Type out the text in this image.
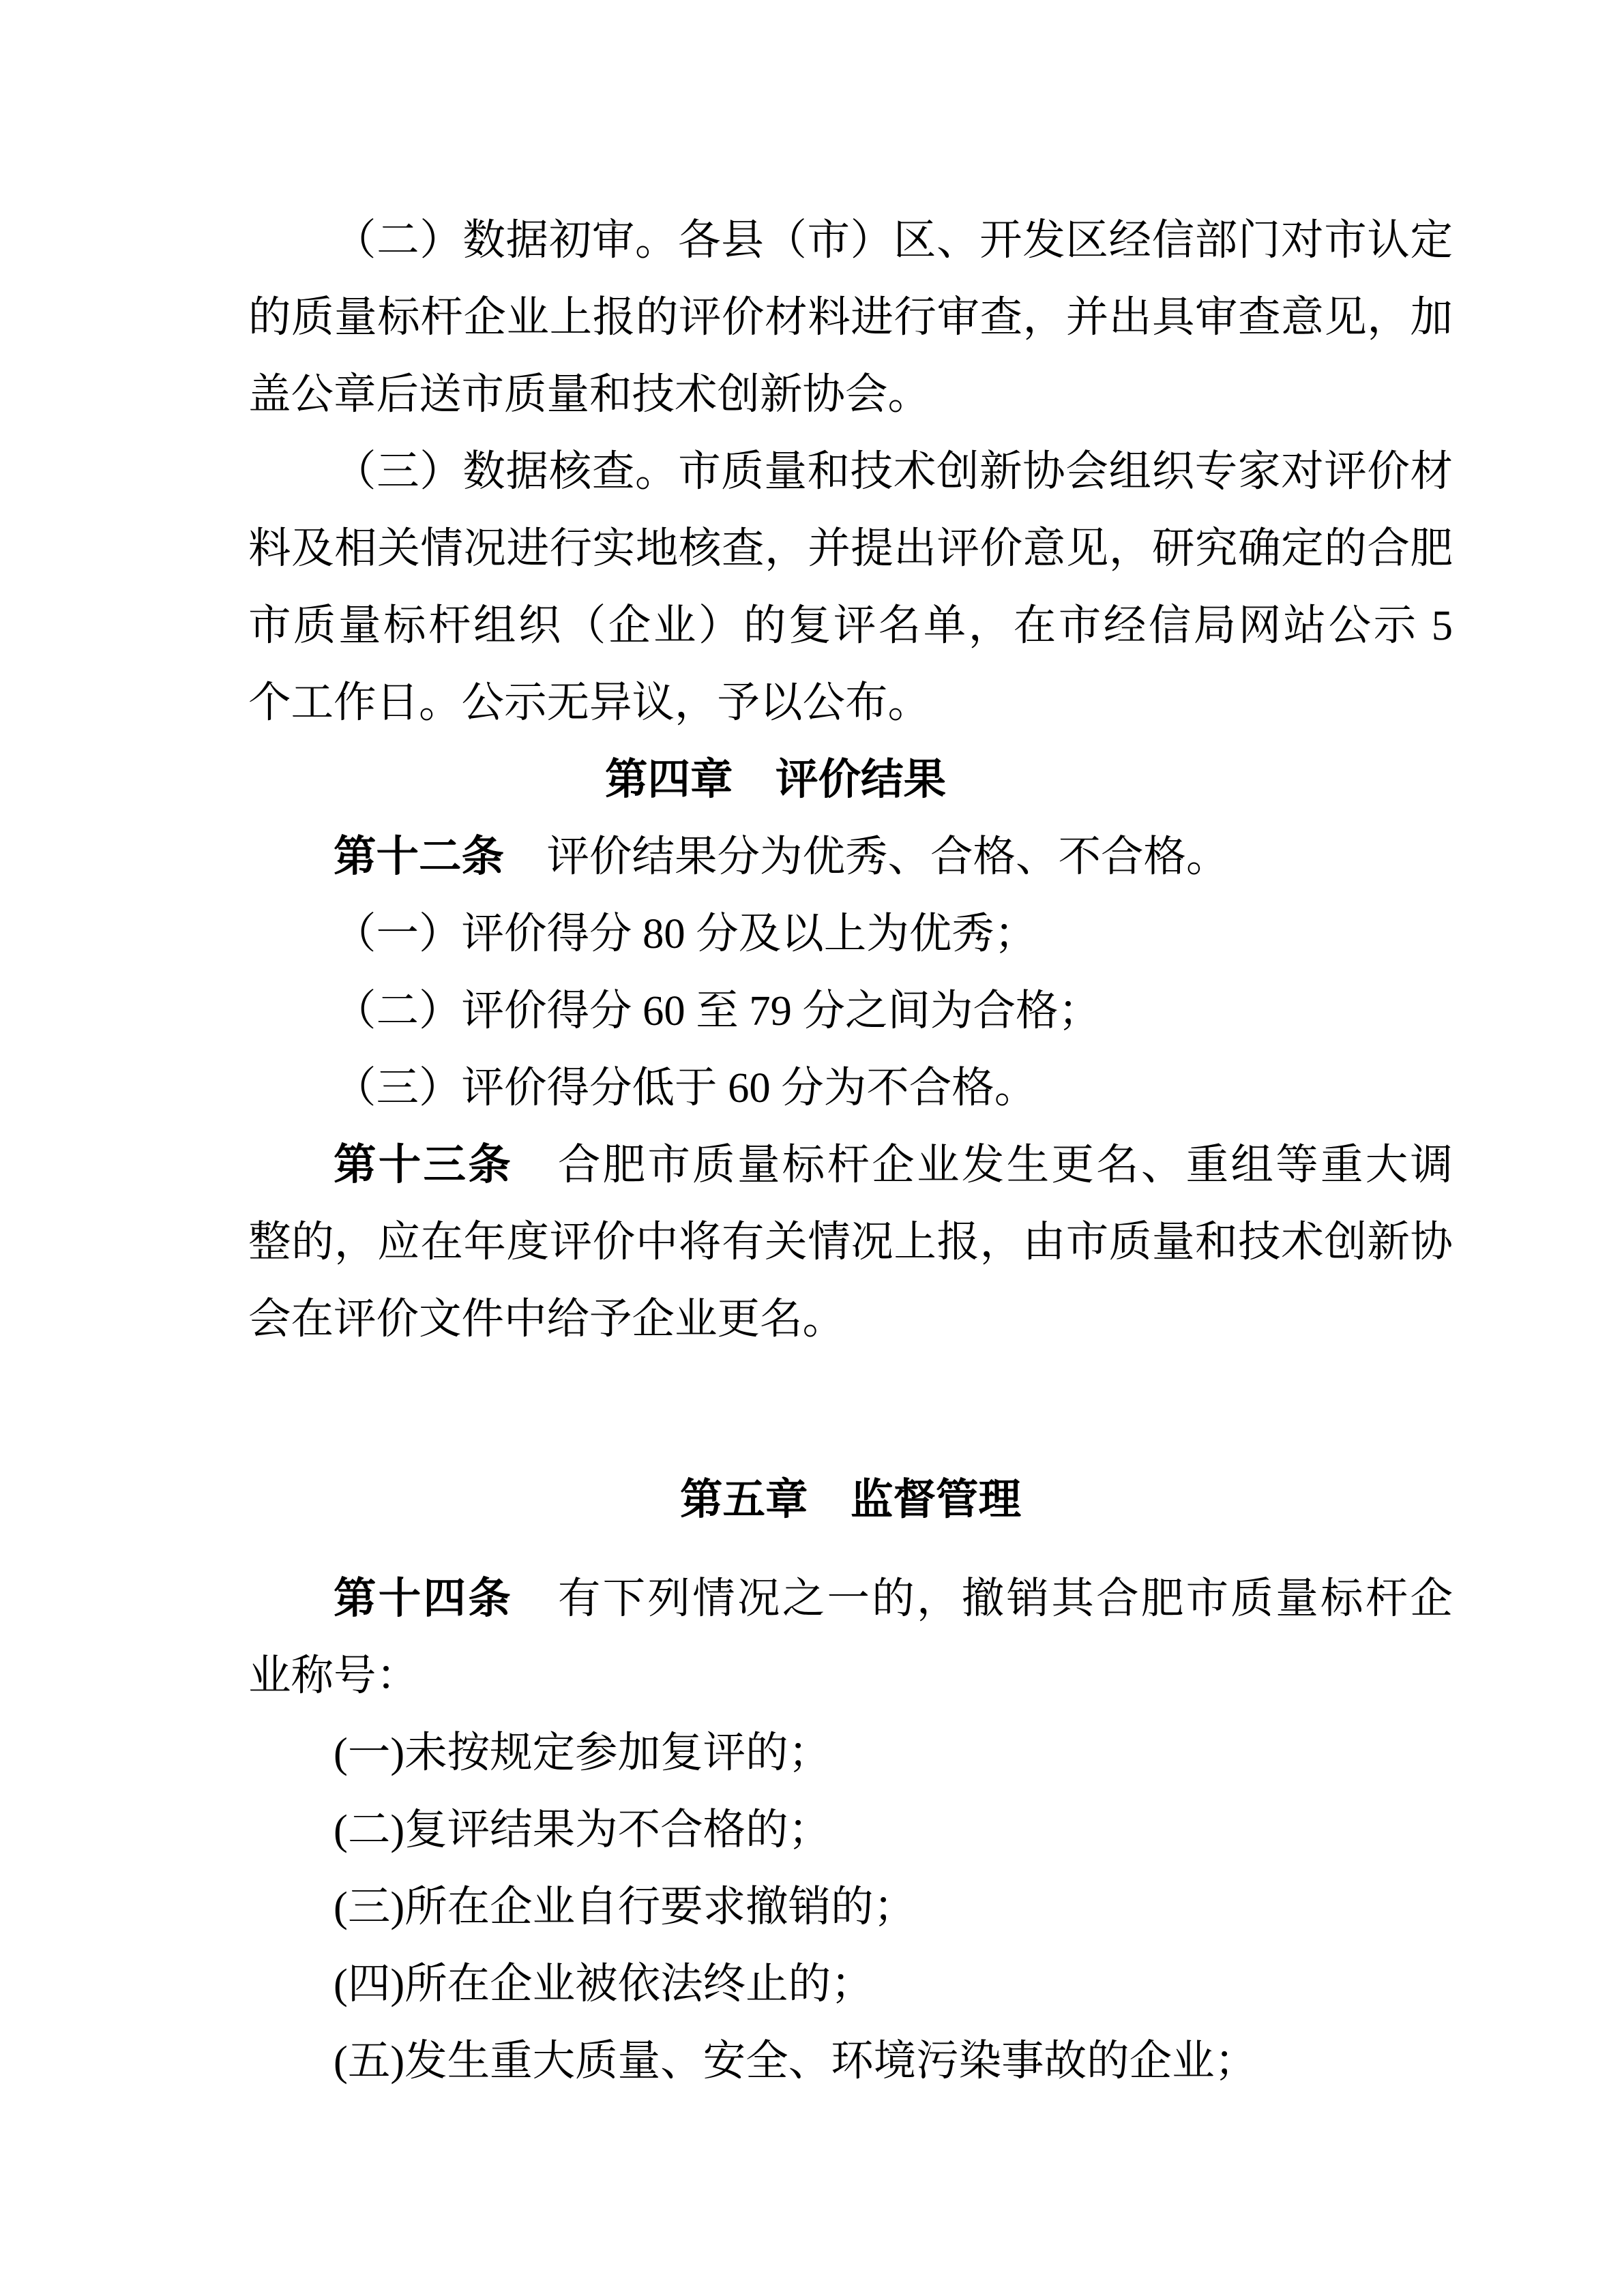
（二）数据初审。各县（市）区、开发区经信部门对市认定
的质量标杆企业上报的评价材料进行审查，并出具审查意见，加
盖公章后送市质量和技术创新协会。
（三）数据核查。市质量和技术创新协会组织专家对评价材
料及相关情况进行实地核查，并提出评价意见，研究确定的合肥
市质量标杆组织（企业）的复评名单，在市经信局网站公示 5
个工作日。公示无异议，予以公布。
第四章　评价结果
第十二条　评价结果分为优秀、合格、不合格。
（一）评价得分 80 分及以上为优秀；
（二）评价得分 60 至 79 分之间为合格；
（三）评价得分低于 60 分为不合格。
第十三条　合肥市质量标杆企业发生更名、重组等重大调
整的，应在年度评价中将有关情况上报，由市质量和技术创新协
会在评价文件中给予企业更名。
第五章　监督管理
第十四条　有下列情况之一的，撤销其合肥市质量标杆企
业称号：
(一)未按规定参加复评的；
(二)复评结果为不合格的；
(三)所在企业自行要求撤销的；
(四)所在企业被依法终止的；
(五)发生重大质量、安全、环境污染事故的企业；
